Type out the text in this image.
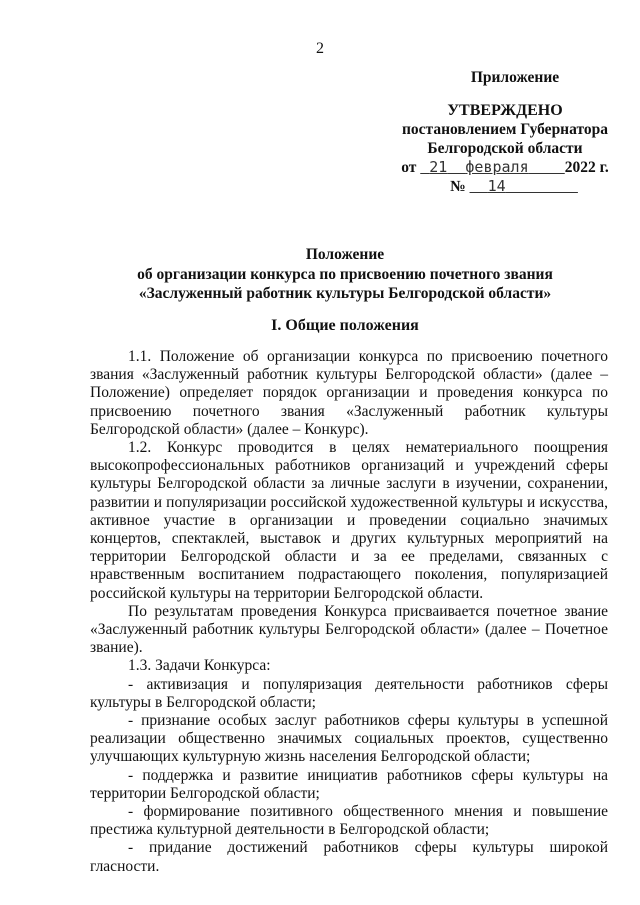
2
Приложение
УТВЕРЖДЕНО
постановлением Губернатора
Белгородской области
от 21 февраля 2022 г.
№ 14
Положение
об организации конкурса по присвоению почетного звания
«Заслуженный работник культуры Белгородской области»
I. Общие положения

1.1. Положение об организации конкурса по присвоению почетного звания «Заслуженный работник культуры Белгородской области» (далее – Положение) определяет порядок организации и проведения конкурса по присвоению почетного звания «Заслуженный работник культуры Белгородской области» (далее – Конкурс).

1.2. Конкурс проводится в целях нематериального поощрения высокопрофессиональных работников организаций и учреждений сферы культуры Белгородской области за личные заслуги в изучении, сохранении, развитии и популяризации российской художественной культуры и искусства, активное участие в организации и проведении социально значимых концертов, спектаклей, выставок и других культурных мероприятий на территории Белгородской области и за ее пределами, связанных с нравственным воспитанием подрастающего поколения, популяризацией российской культуры на территории Белгородской области.

По результатам проведения Конкурса присваивается почетное звание «Заслуженный работник культуры Белгородской области» (далее – Почетное звание).

1.3. Задачи Конкурса:

- активизация и популяризация деятельности работников сферы культуры в Белгородской области;

- признание особых заслуг работников сферы культуры в успешной реализации общественно значимых социальных проектов, существенно улучшающих культурную жизнь населения Белгородской области;

- поддержка и развитие инициатив работников сферы культуры на территории Белгородской области;

- формирование позитивного общественного мнения и повышение престижа культурной деятельности в Белгородской области;

- придание достижений работников сферы культуры широкой гласности.
